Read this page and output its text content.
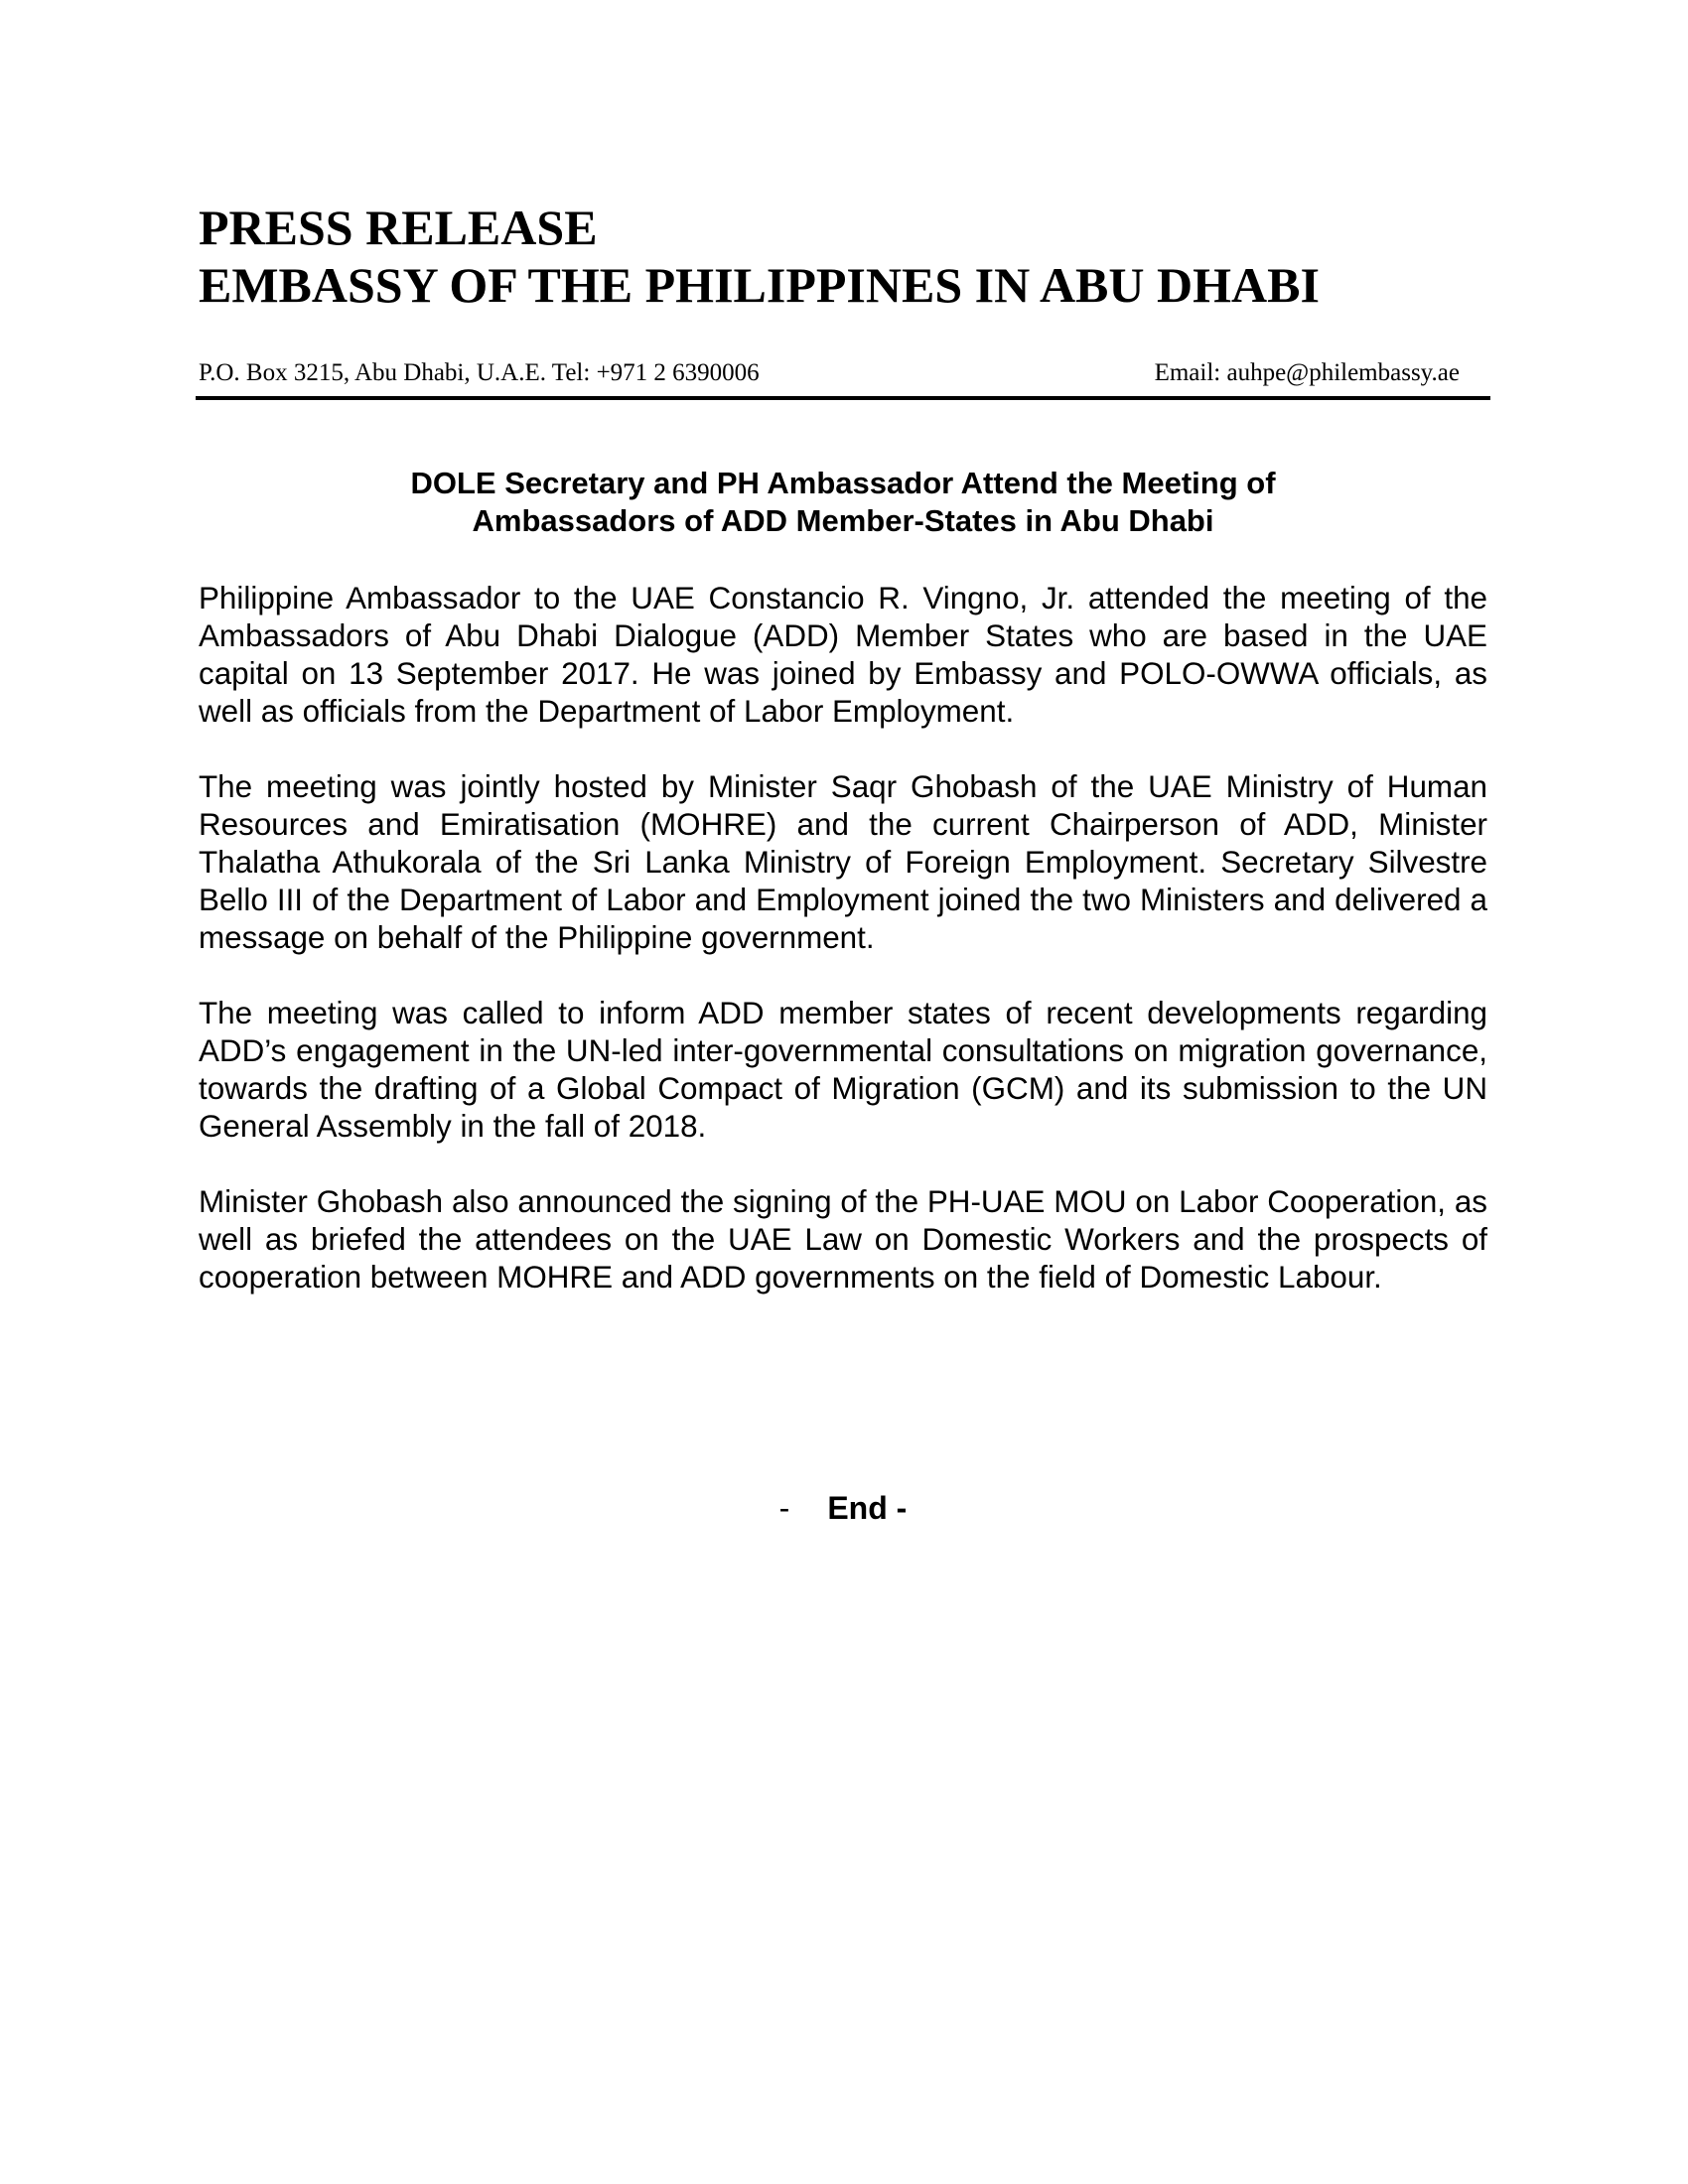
PRESS RELEASE

EMBASSY OF THE PHILIPPINES IN ABU DHABI

P.O. Box 3215, Abu Dhabi, U.A.E. Tel: +971 2 6390006	Email: auhpe@philembassy.ae
DOLE Secretary and PH Ambassador Attend the Meeting of
Ambassadors of ADD Member-States in Abu Dhabi

Philippine Ambassador to the UAE Constancio R. Vingno, Jr. attended the meeting of the Ambassadors of Abu Dhabi Dialogue (ADD) Member States who are based in the UAE capital on 13 September 2017. He was joined by Embassy and POLO-OWWA officials, as well as officials from the Department of Labor Employment.

The meeting was jointly hosted by Minister Saqr Ghobash of the UAE Ministry of Human Resources and Emiratisation (MOHRE) and the current Chairperson of ADD, Minister Thalatha Athukorala of the Sri Lanka Ministry of Foreign Employment. Secretary Silvestre Bello III of the Department of Labor and Employment joined the two Ministers and delivered a message on behalf of the Philippine government.

The meeting was called to inform ADD member states of recent developments regarding ADD’s engagement in the UN-led inter-governmental consultations on migration governance, towards the drafting of a Global Compact of Migration (GCM) and its submission to the UN General Assembly in the fall of 2018.

Minister Ghobash also announced the signing of the PH-UAE MOU on Labor Cooperation, as well as briefed the attendees on the UAE Law on Domestic Workers and the prospects of cooperation between MOHRE and ADD governments on the field of Domestic Labour.

- End -
